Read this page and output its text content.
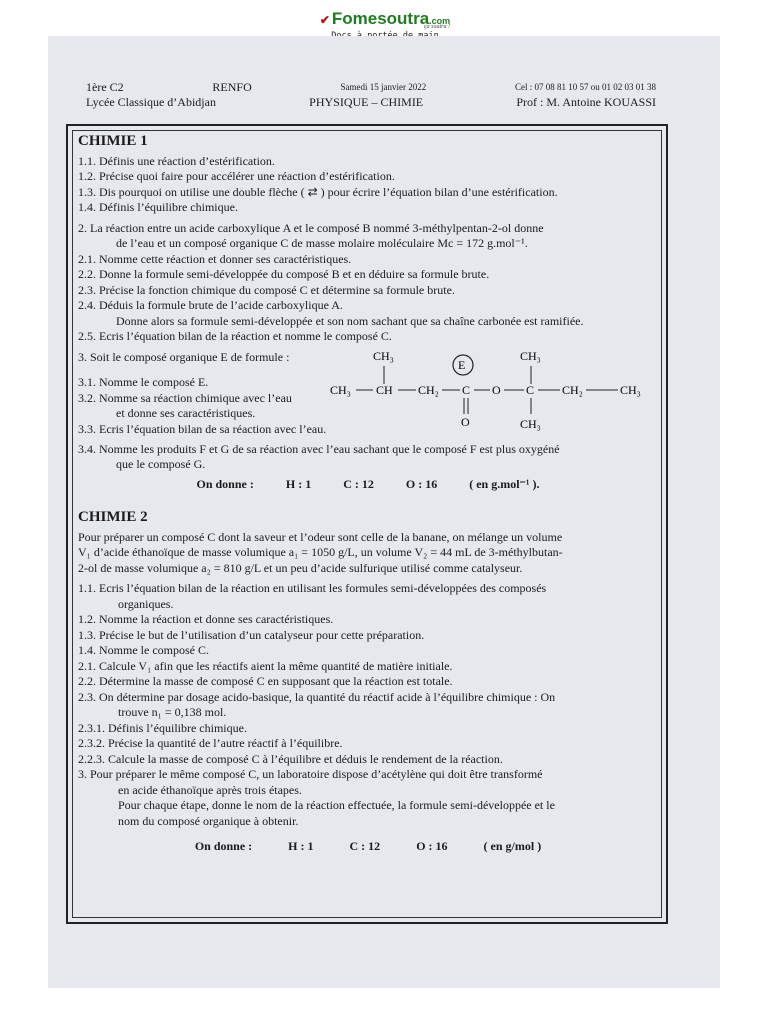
✔ Fomesoutra.com
ça soutra !
1ère C2	RENFO	Samedi 15 janvier 2022	Cel : 07 08 81 10 57 ou 01 02 03 01 38
Lycée Classique d’Abidjan	PHYSIQUE – CHIMIE	Prof : M. Antoine KOUASSI
CHIMIE 1
1.1. Définis une réaction d’estérification.
1.2. Précise quoi faire pour accélérer une réaction d’estérification.
1.3. Dis pourquoi on utilise une double flèche ( ⇄ ) pour écrire l’équation bilan d’une estérification.
1.4. Définis l’équilibre chimique.
2. La réaction entre un acide carboxylique A et le composé B nommé 3-méthylpentan-2-ol donne
de l’eau et un composé organique C de masse molaire moléculaire Mc = 172 g.mol⁻¹.
2.1. Nomme cette réaction et donner ses caractéristiques.
2.2. Donne la formule semi-développée du composé B et en déduire sa formule brute.
2.3. Précise la fonction chimique du composé C et détermine sa formule brute.
2.4. Déduis la formule brute de l’acide carboxylique A.
Donne alors sa formule semi-développée et son nom sachant que sa chaîne carbonée est ramifiée.
2.5. Ecris l’équation bilan de la réaction et nomme le composé C.
3. Soit le composé organique E de formule :
3.1. Nomme le composé E.
3.2. Nomme sa réaction chimique avec l’eau
et donne ses caractéristiques.
3.3. Ecris l’équation bilan de sa réaction avec l’eau.
CH₃ CH
CH₃
CH₂ C
O
E
O C
CH₃
CH₃
CH₂	CH₃
3.4. Nomme les produits F et G de sa réaction avec l’eau sachant que le composé F est plus oxygéné
que le composé G.
On donne :	H : 1	C : 12	O : 16	( en g.mol⁻¹ ).
CHIMIE 2
Pour préparer un composé C dont la saveur et l’odeur sont celle de la banane, on mélange un volume
V₁ d’acide éthanoïque de masse volumique a₁ = 1050 g/L, un volume V₂ = 44 mL de 3-méthylbutan-
2-ol de masse volumique a₂ = 810 g/L et un peu d’acide sulfurique utilisé comme catalyseur.
1.1. Ecris l’équation bilan de la réaction en utilisant les formules semi-développées des composés
organiques.
1.2. Nomme la réaction et donne ses caractéristiques.
1.3. Précise le but de l’utilisation d’un catalyseur pour cette préparation.
1.4. Nomme le composé C.
2.1. Calcule V₁ afin que les réactifs aient la même quantité de matière initiale.
2.2. Détermine la masse de composé C en supposant que la réaction est totale.
2.3. On détermine par dosage acido-basique, la quantité du réactif acide à l’équilibre chimique : On
trouve n₁ = 0,138 mol.
2.3.1. Définis l’équilibre chimique.
2.3.2. Précise la quantité de l’autre réactif à l’équilibre.
2.2.3. Calcule la masse de composé C à l’équilibre et déduis le rendement de la réaction.
3. Pour préparer le même composé C, un laboratoire dispose d’acétylène qui doit être transformé
en acide éthanoïque après trois étapes.
Pour chaque étape, donne le nom de la réaction effectuée, la formule semi-développée et le
nom du composé organique à obtenir.
On donne :	H : 1	C : 12	O : 16	( en g/mol )
